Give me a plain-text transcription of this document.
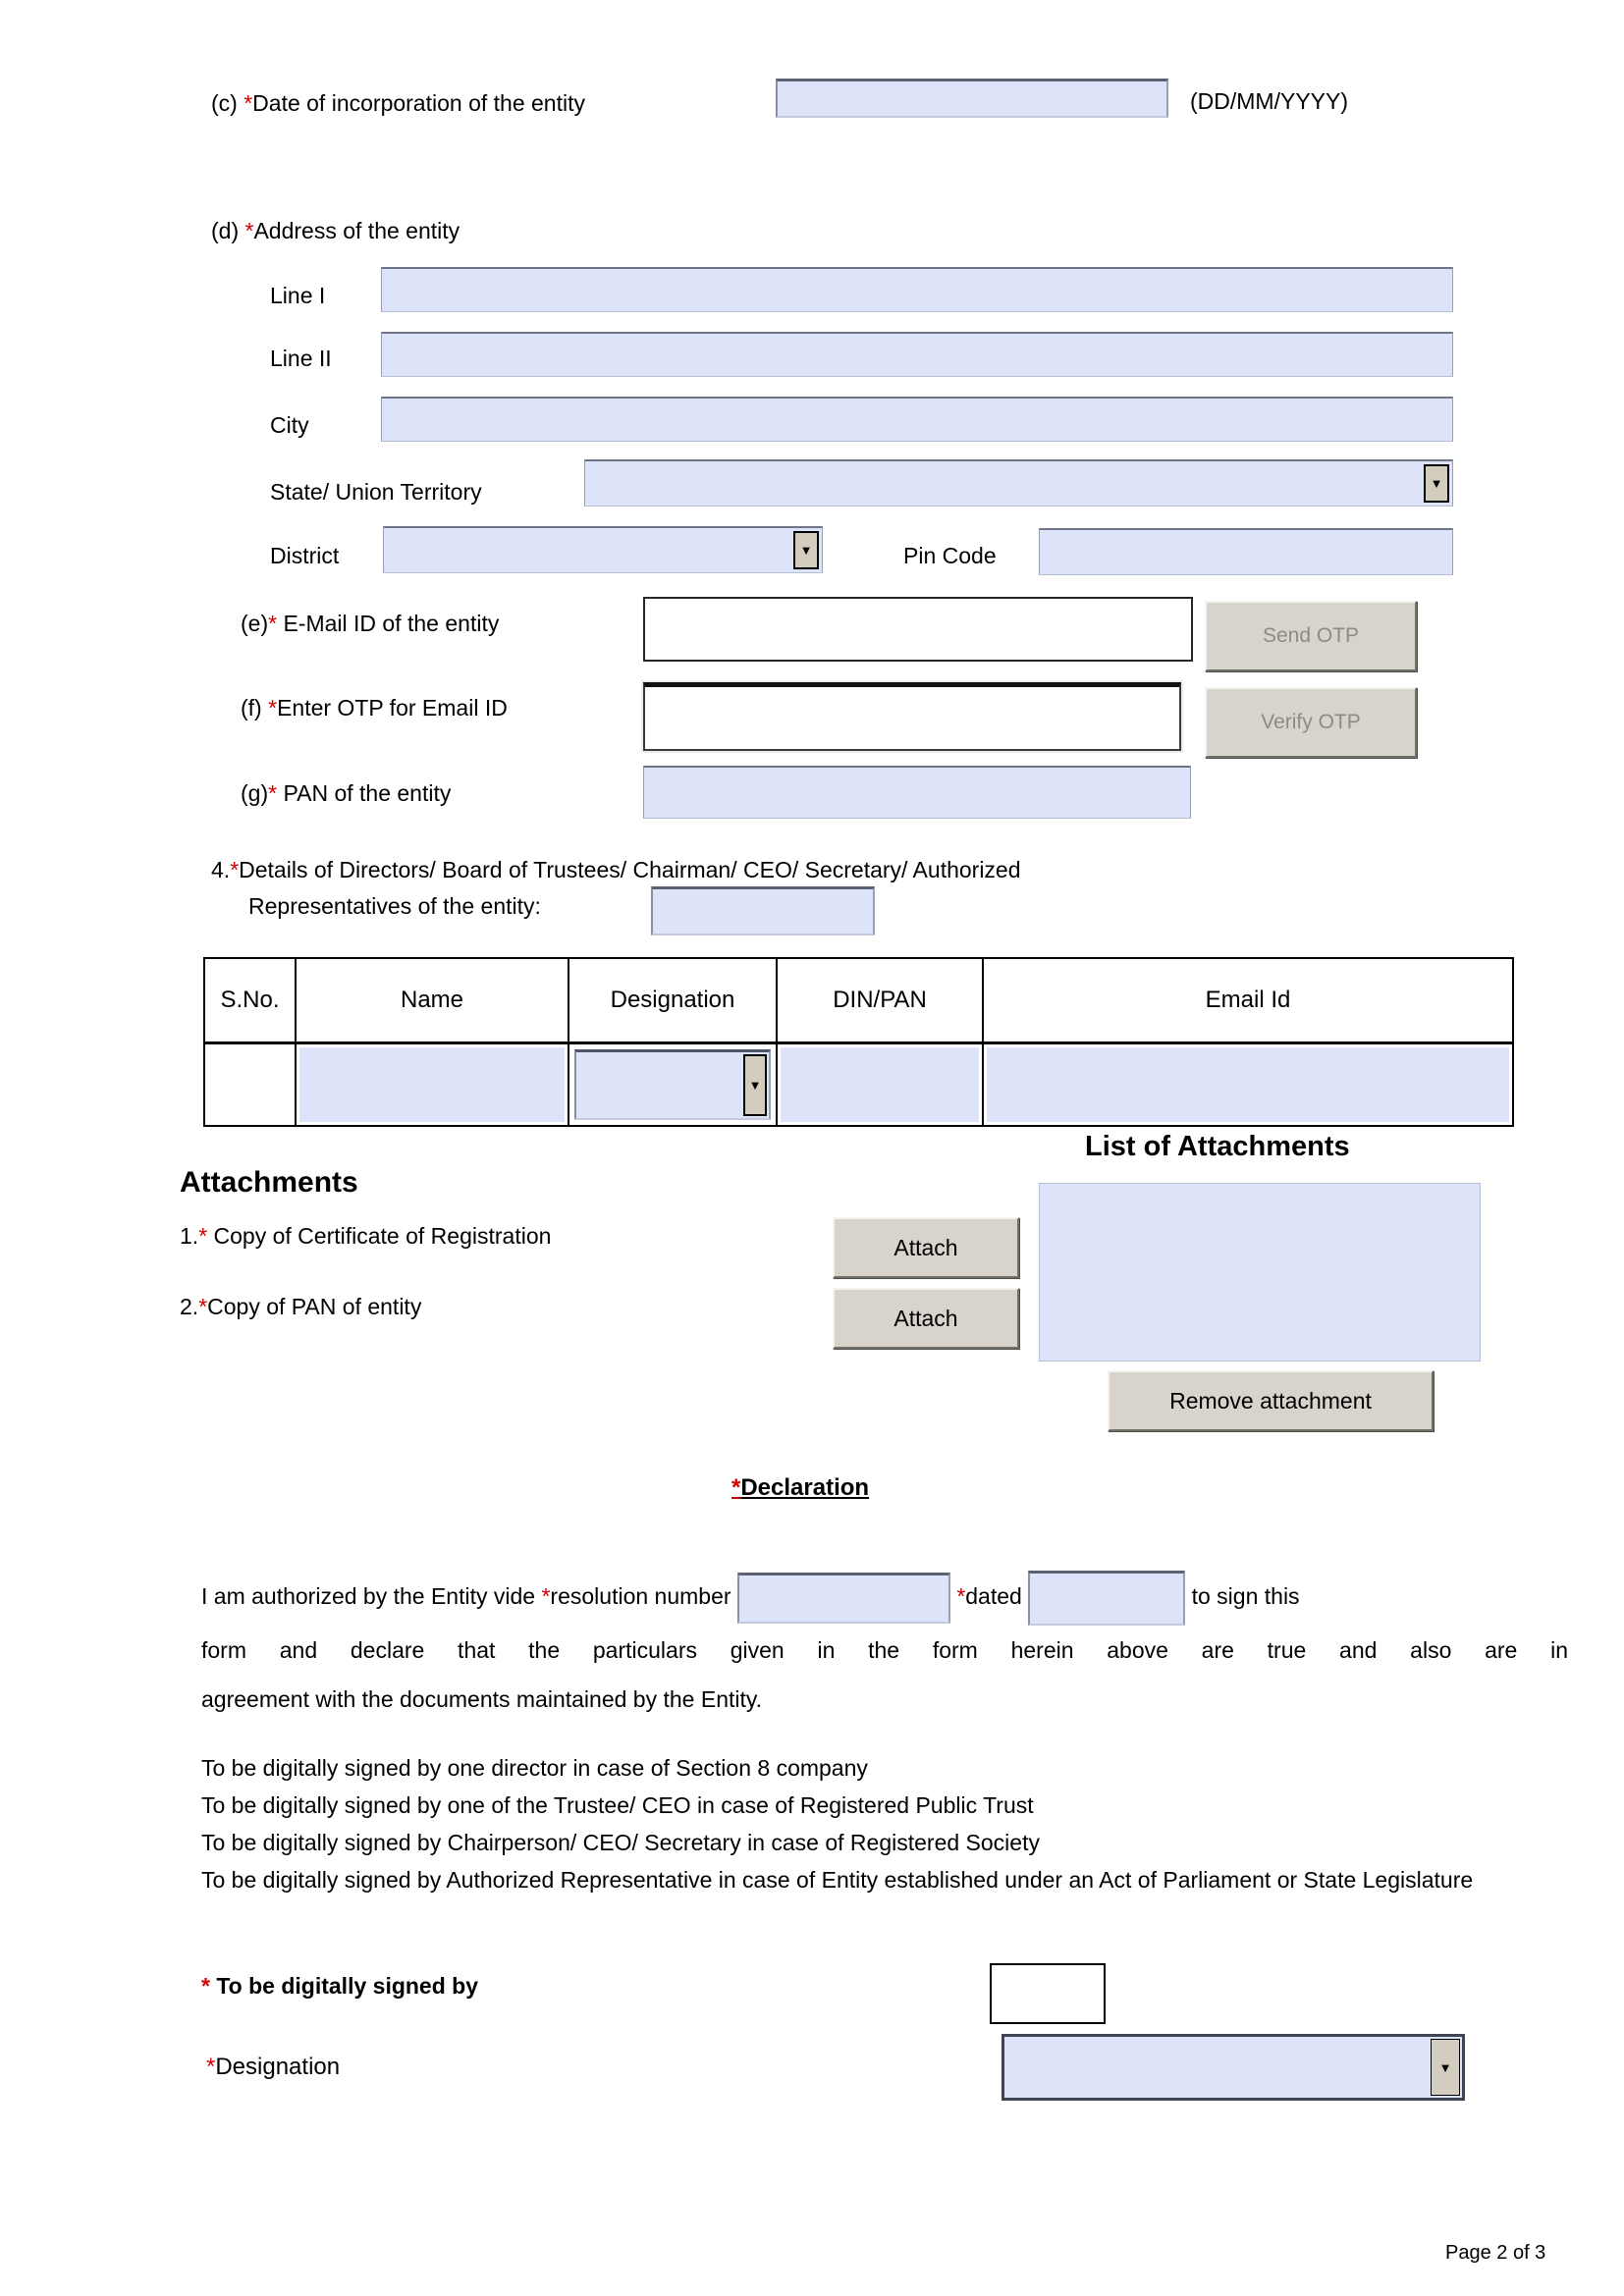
(c) *Date of incorporation of the entity	(DD/MM/YYYY)
(d) *Address of the entity
Line I
Line II
City
State/ Union Territory	▼
District	▼	Pin Code
(e)* E-Mail ID of the entity	Send OTP
(f) *Enter OTP for Email ID
Verify OTP
(g)* PAN of the entity
4.*Details of Directors/ Board of Trustees/ Chairman/ CEO/ Secretary/ Authorized Representatives of the entity:
S.No.	Name	Designation	DIN/PAN	Email Id

		▼		

List of Attachments
Attachments
1.* Copy of Certificate of Registration	Attach
2.*Copy of PAN of entity	Attach
Remove attachment
*Declaration
I am authorized by the Entity vide *resolution number	*dated	to sign this
form and declare that the particulars given in the form herein above are true and also are in
agreement with the documents maintained by the Entity.
To be digitally signed by one director in case of Section 8 company
To be digitally signed by one of the Trustee/ CEO in case of Registered Public Trust
To be digitally signed by Chairperson/ CEO/ Secretary in case of Registered Society
To be digitally signed by Authorized Representative in case of Entity established under an Act of Parliament or State Legislature
* To be digitally signed by
*Designation	▼
Page 2 of 3
